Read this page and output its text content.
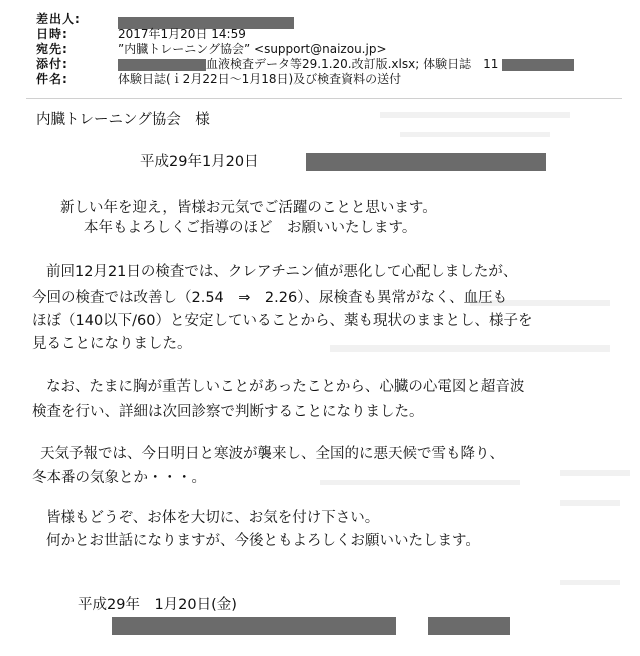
差出人:
日時:	2017年1月20日 14:59
宛先:	”内臓トレーニング協会” <support@naizou.jp>
添付:	血液検査データ等29.1.20.改訂版.xlsx; 体験日誌　11
件名:	体験日誌(ｉ2月22日～1月18日)及び検査資料の送付
内臓トレーニング協会　様
平成29年1月20日
新しい年を迎え，皆様お元気でご活躍のことと思います。
本年もよろしくご指導のほど　お願いいたします。
前回12月21日の検査では、クレアチニン値が悪化して心配しましたが、
今回の検査では改善し（2.54　⇒　2.26）、尿検査も異常がなく、血圧も
ほぼ（140以下/60）と安定していることから、薬も現状のままとし、様子を
見ることになりました。
なお、たまに胸が重苦しいことがあったことから、心臓の心電図と超音波
検査を行い、詳細は次回診察で判断することになりました。
天気予報では、今日明日と寒波が襲来し、全国的に悪天候で雪も降り、
冬本番の気象とか・・・。
皆様もどうぞ、お体を大切に、お気を付け下さい。
何かとお世話になりますが、今後ともよろしくお願いいたします。
平成29年　1月20日(金)
